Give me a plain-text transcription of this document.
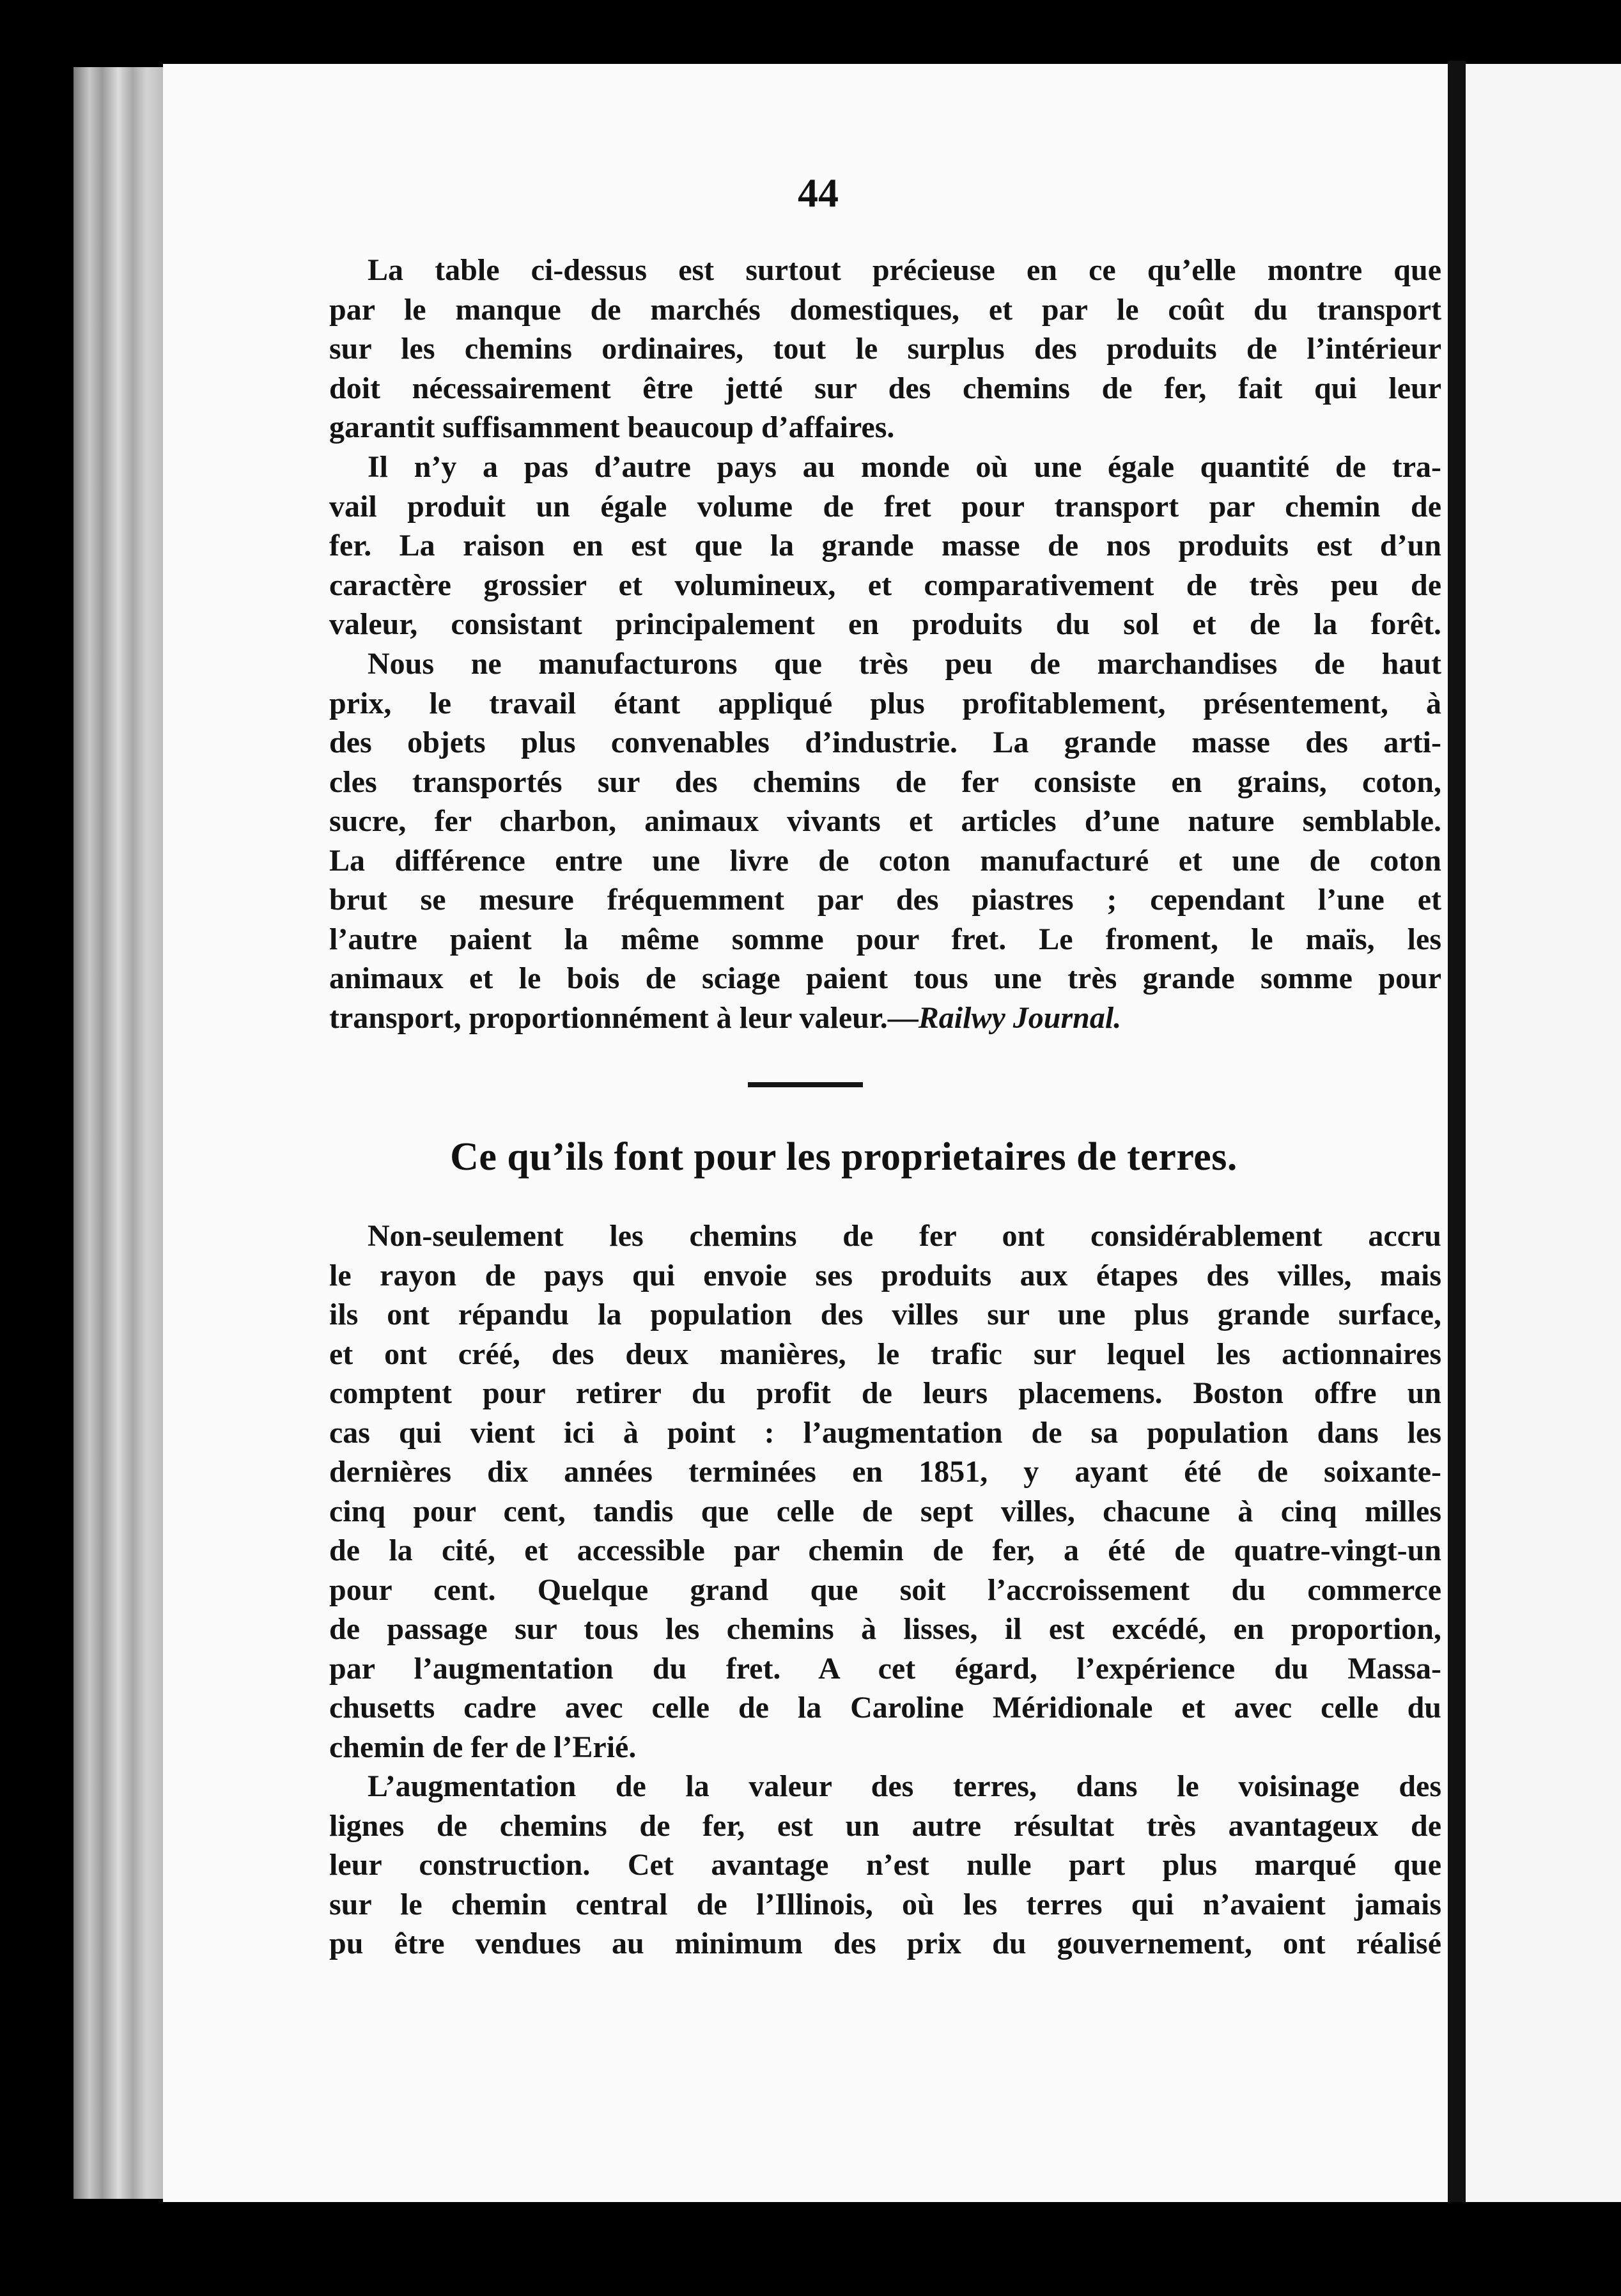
44
La table ci-dessus est surtout précieuse en ce qu’elle montre que
par le manque de marchés domestiques, et par le coût du transport
sur les chemins ordinaires, tout le surplus des produits de l’intérieur
doit nécessairement être jetté sur des chemins de fer, fait qui leur
garantit suffisamment beaucoup d’affaires.
Il n’y a pas d’autre pays au monde où une égale quantité de tra-
vail produit un égale volume de fret pour transport par chemin de
fer. La raison en est que la grande masse de nos produits est d’un
caractère grossier et volumineux, et comparativement de très peu de
valeur, consistant principalement en produits du sol et de la forêt.
Nous ne manufacturons que très peu de marchandises de haut
prix, le travail étant appliqué plus profitablement, présentement, à
des objets plus convenables d’industrie. La grande masse des arti-
cles transportés sur des chemins de fer consiste en grains, coton,
sucre, fer charbon, animaux vivants et articles d’une nature semblable.
La différence entre une livre de coton manufacturé et une de coton
brut se mesure fréquemment par des piastres ; cependant l’une et
l’autre paient la même somme pour fret. Le froment, le maïs, les
animaux et le bois de sciage paient tous une très grande somme pour
transport, proportionnément à leur valeur.—Railwy Journal.
Ce qu’ils font pour les proprietaires de terres.
Non-seulement les chemins de fer ont considérablement accru
le rayon de pays qui envoie ses produits aux étapes des villes, mais
ils ont répandu la population des villes sur une plus grande surface,
et ont créé, des deux manières, le trafic sur lequel les actionnaires
comptent pour retirer du profit de leurs placemens. Boston offre un
cas qui vient ici à point : l’augmentation de sa population dans les
dernières dix années terminées en 1851, y ayant été de soixante-
cinq pour cent, tandis que celle de sept villes, chacune à cinq milles
de la cité, et accessible par chemin de fer, a été de quatre-vingt-un
pour cent. Quelque grand que soit l’accroissement du commerce
de passage sur tous les chemins à lisses, il est excédé, en proportion,
par l’augmentation du fret. A cet égard, l’expérience du Massa-
chusetts cadre avec celle de la Caroline Méridionale et avec celle du
chemin de fer de l’Erié.
L’augmentation de la valeur des terres, dans le voisinage des
lignes de chemins de fer, est un autre résultat très avantageux de
leur construction. Cet avantage n’est nulle part plus marqué que
sur le chemin central de l’Illinois, où les terres qui n’avaient jamais
pu être vendues au minimum des prix du gouvernement, ont réalisé
